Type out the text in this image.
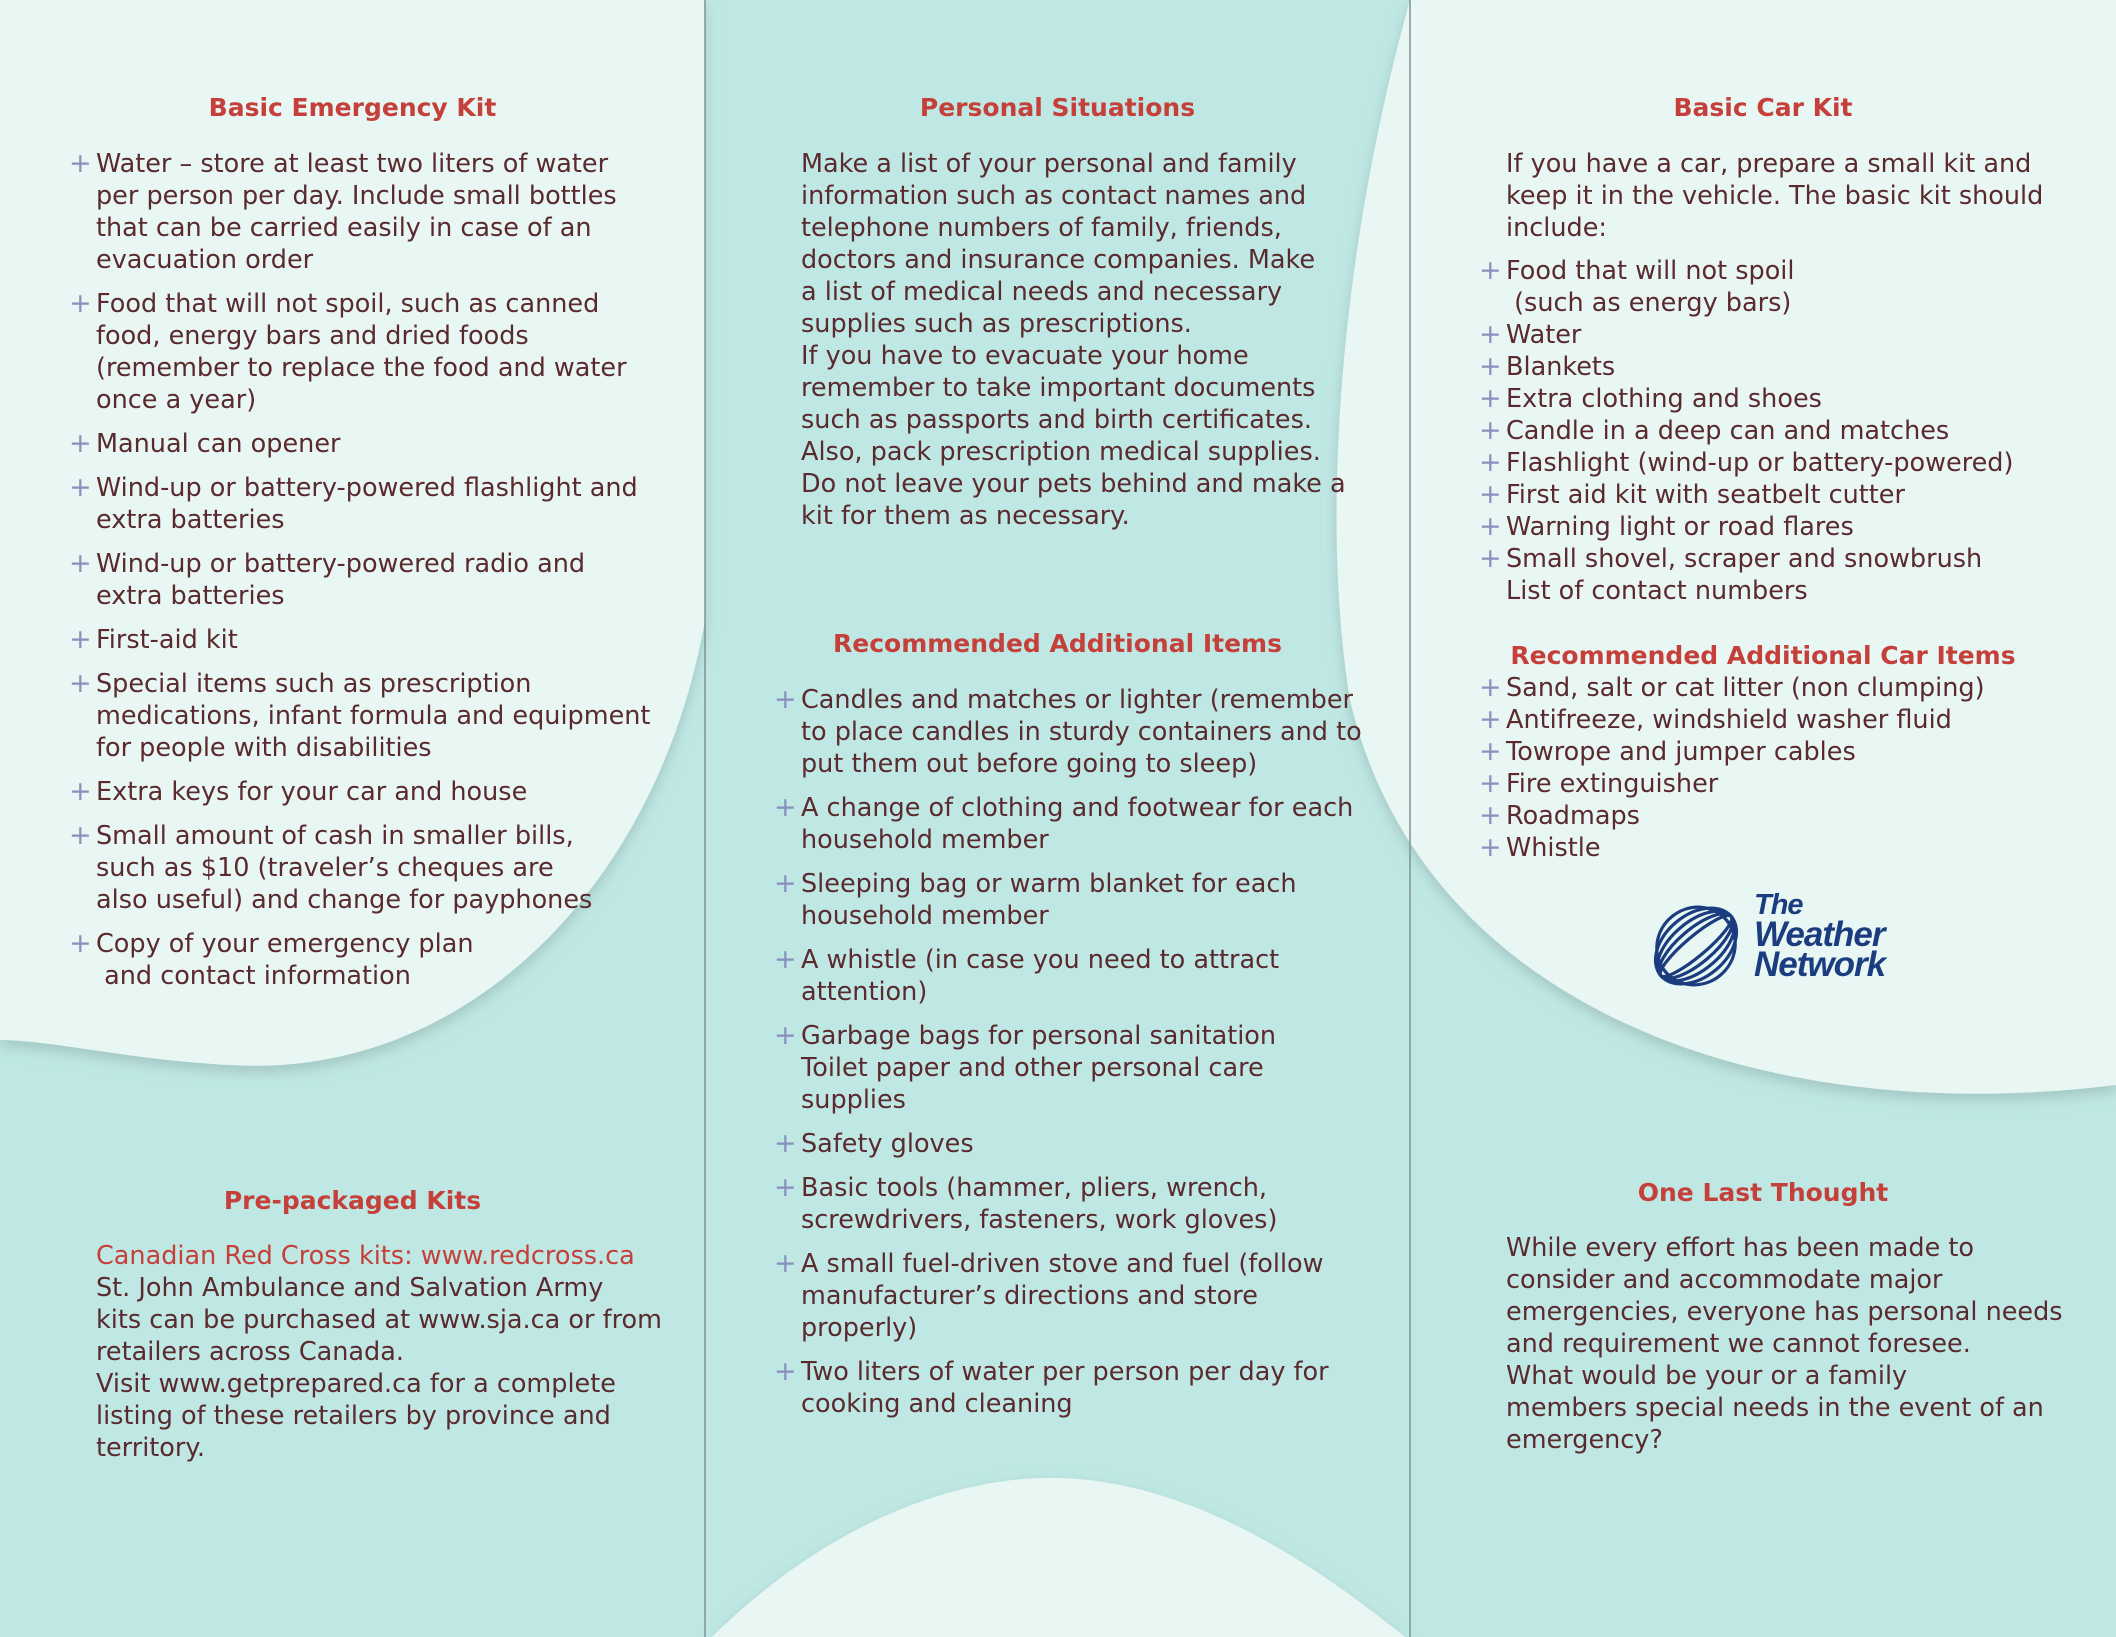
Basic Emergency Kit
+ Water – store at least two liters of water
per person per day. Include small bottles
that can be carried easily in case of an
evacuation order
+ Food that will not spoil, such as canned
food, energy bars and dried foods
(remember to replace the food and water
once a year)
+ Manual can opener
+ Wind-up or battery-powered flashlight and
extra batteries
+ Wind-up or battery-powered radio and
extra batteries
+ First-aid kit
+ Special items such as prescription
medications, infant formula and equipment
for people with disabilities
+ Extra keys for your car and house
+ Small amount of cash in smaller bills,
such as $10 (traveler’s cheques are
also useful) and change for payphones
+ Copy of your emergency plan
and contact information
Pre-packaged Kits

Canadian Red Cross kits: www.redcross.ca

St. John Ambulance and Salvation Army
kits can be purchased at www.sja.ca or from
retailers across Canada.
Visit www.getprepared.ca for a complete
listing of these retailers by province and
territory.

Personal Situations

Make a list of your personal and family
information such as contact names and
telephone numbers of family, friends,
doctors and insurance companies. Make
a list of medical needs and necessary
supplies such as prescriptions.
If you have to evacuate your home
remember to take important documents
such as passports and birth certificates.
Also, pack prescription medical supplies.
Do not leave your pets behind and make a
kit for them as necessary.

Recommended Additional Items
+ Candles and matches or lighter (remember
to place candles in sturdy containers and to
put them out before going to sleep)
+ A change of clothing and footwear for each
household member
+ Sleeping bag or warm blanket for each
household member
+ A whistle (in case you need to attract
attention)
+ Garbage bags for personal sanitation
Toilet paper and other personal care
supplies
+ Safety gloves
+ Basic tools (hammer, pliers, wrench,
screwdrivers, fasteners, work gloves)
+ A small fuel-driven stove and fuel (follow
manufacturer’s directions and store
properly)
+ Two liters of water per person per day for
cooking and cleaning
Basic Car Kit

If you have a car, prepare a small kit and
keep it in the vehicle. The basic kit should
include:

+ Food that will not spoil
(such as energy bars)
+ Water
+ Blankets
+ Extra clothing and shoes
+ Candle in a deep can and matches
+ Flashlight (wind-up or battery-powered)
+ First aid kit with seatbelt cutter
+ Warning light or road flares
+ Small shovel, scraper and snowbrush
List of contact numbers
Recommended Additional Car Items
+ Sand, salt or cat litter (non clumping)
+ Antifreeze, windshield washer fluid
+ Towrope and jumper cables
+ Fire extinguisher
+ Roadmaps
+ Whistle
One Last Thought

While every effort has been made to
consider and accommodate major
emergencies, everyone has personal needs
and requirement we cannot foresee.
What would be your or a family
members special needs in the event of an
emergency?

The
Weather
Network
